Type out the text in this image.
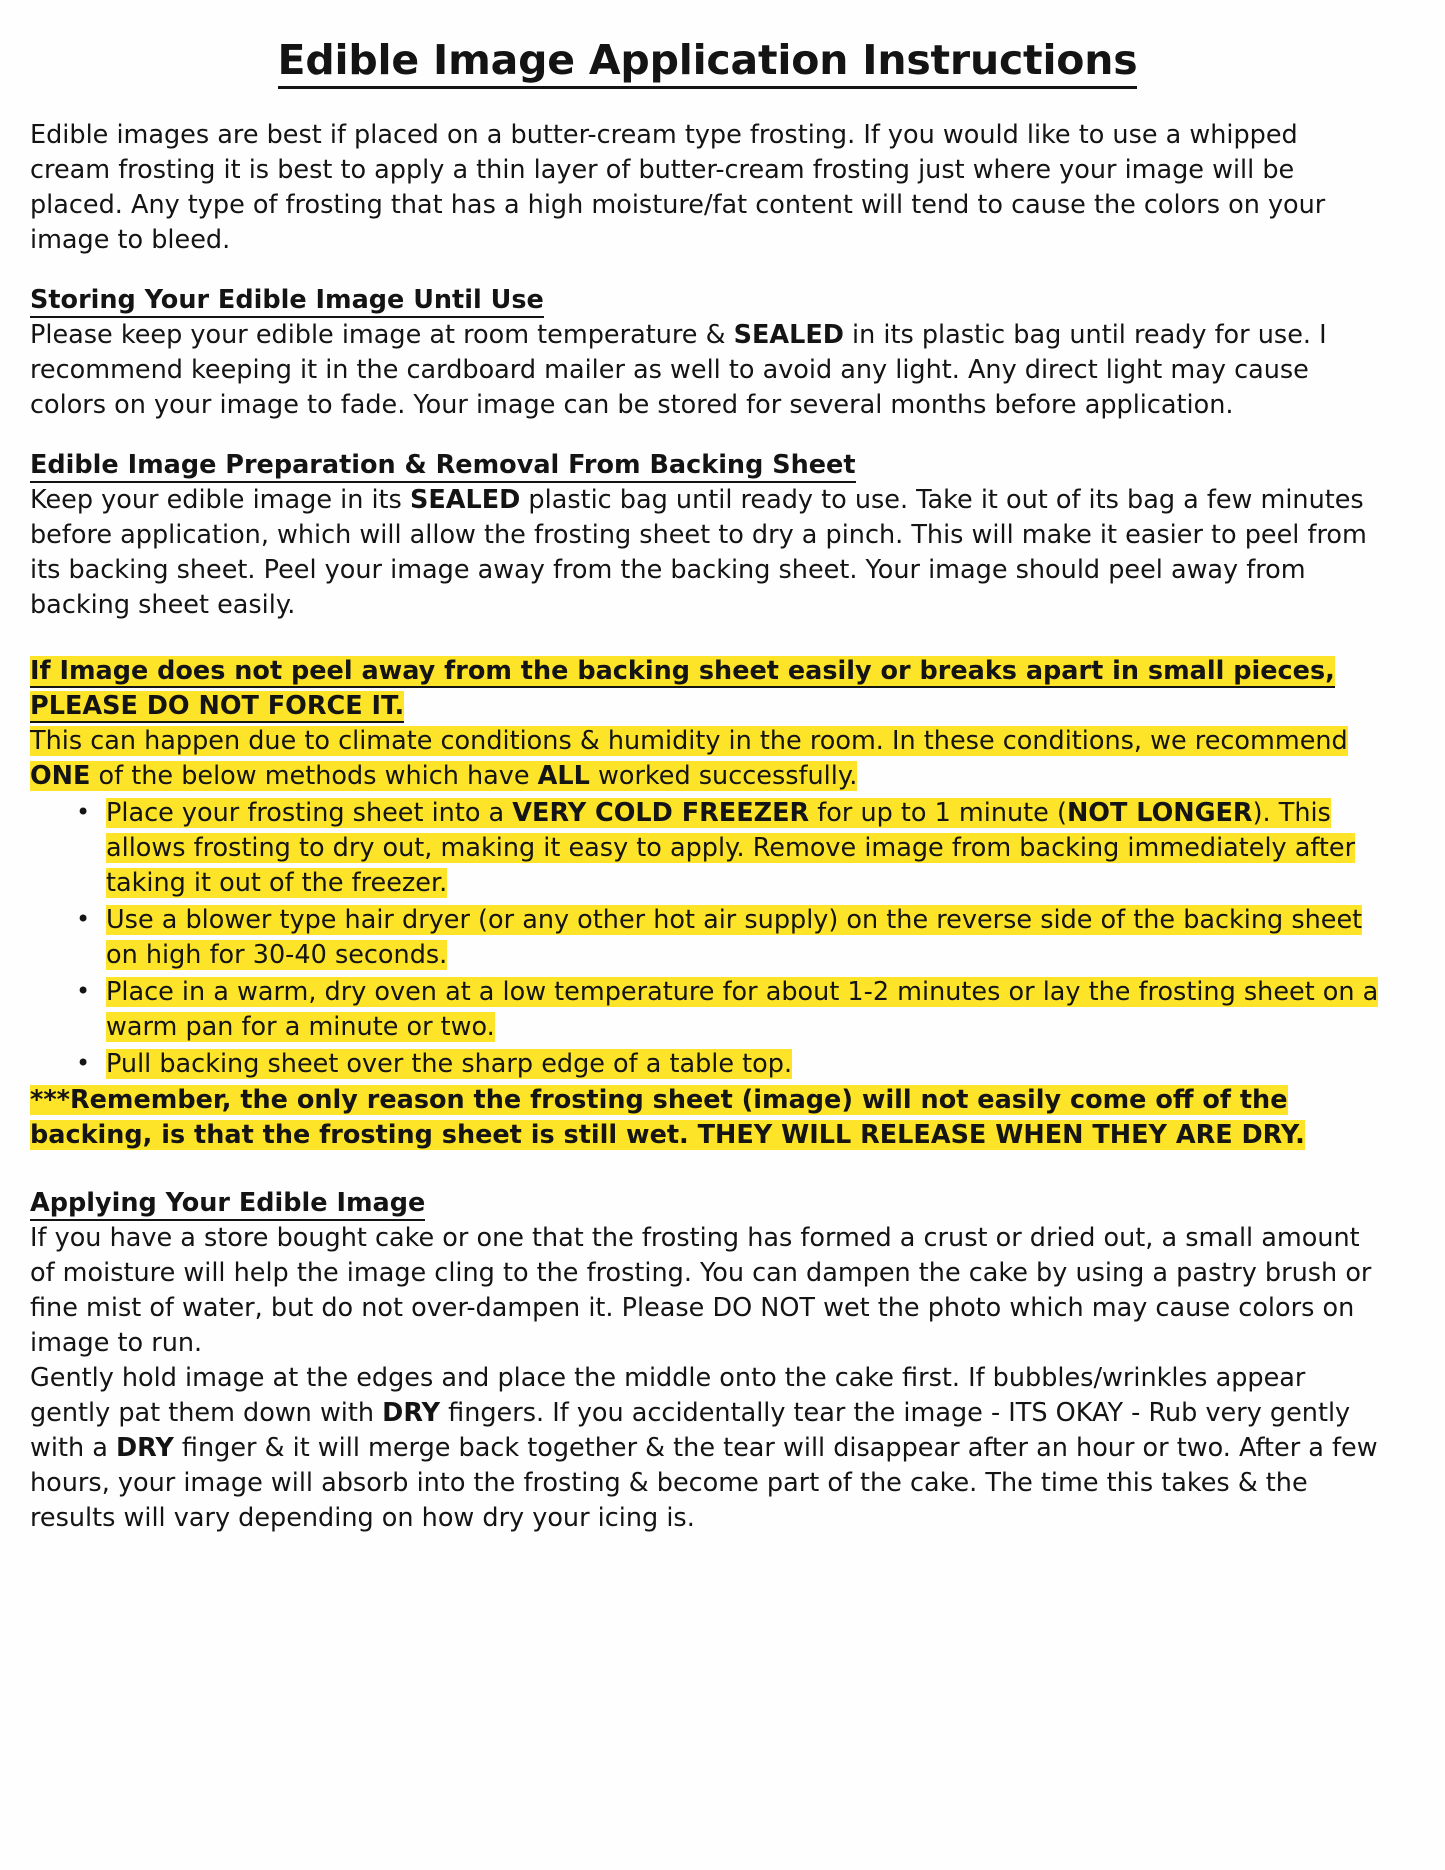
Edible Image Application Instructions

Edible images are best if placed on a butter-cream type frosting. If you would like to use a whipped cream frosting it is best to apply a thin layer of butter-cream frosting just where your image will be placed. Any type of frosting that has a high moisture/fat content will tend to cause the colors on your image to bleed.

Storing Your Edible Image Until Use

Please keep your edible image at room temperature & SEALED in its plastic bag until ready for use. I recommend keeping it in the cardboard mailer as well to avoid any light. Any direct light may cause colors on your image to fade. Your image can be stored for several months before application.

Edible Image Preparation & Removal From Backing Sheet

Keep your edible image in its SEALED plastic bag until ready to use. Take it out of its bag a few minutes before application, which will allow the frosting sheet to dry a pinch. This will make it easier to peel from its backing sheet. Peel your image away from the backing sheet. Your image should peel away from backing sheet easily.

If Image does not peel away from the backing sheet easily or breaks apart in small pieces, PLEASE DO NOT FORCE IT.

This can happen due to climate conditions & humidity in the room. In these conditions, we recommend ONE of the below methods which have ALL worked successfully.

• Place your frosting sheet into a VERY COLD FREEZER for up to 1 minute (NOT LONGER). This allows frosting to dry out, making it easy to apply. Remove image from backing immediately after taking it out of the freezer.
• Use a blower type hair dryer (or any other hot air supply) on the reverse side of the backing sheet on high for 30-40 seconds.
• Place in a warm, dry oven at a low temperature for about 1-2 minutes or lay the frosting sheet on a warm pan for a minute or two.
• Pull backing sheet over the sharp edge of a table top.
***Remember, the only reason the frosting sheet (image) will not easily come off of the backing, is that the frosting sheet is still wet. THEY WILL RELEASE WHEN THEY ARE DRY.
Applying Your Edible Image

If you have a store bought cake or one that the frosting has formed a crust or dried out, a small amount of moisture will help the image cling to the frosting. You can dampen the cake by using a pastry brush or fine mist of water, but do not over-dampen it. Please DO NOT wet the photo which may cause colors on image to run.

Gently hold image at the edges and place the middle onto the cake first. If bubbles/wrinkles appear gently pat them down with DRY fingers. If you accidentally tear the image - ITS OKAY - Rub very gently with a DRY finger & it will merge back together & the tear will disappear after an hour or two. After a few hours, your image will absorb into the frosting & become part of the cake. The time this takes & the results will vary depending on how dry your icing is.
